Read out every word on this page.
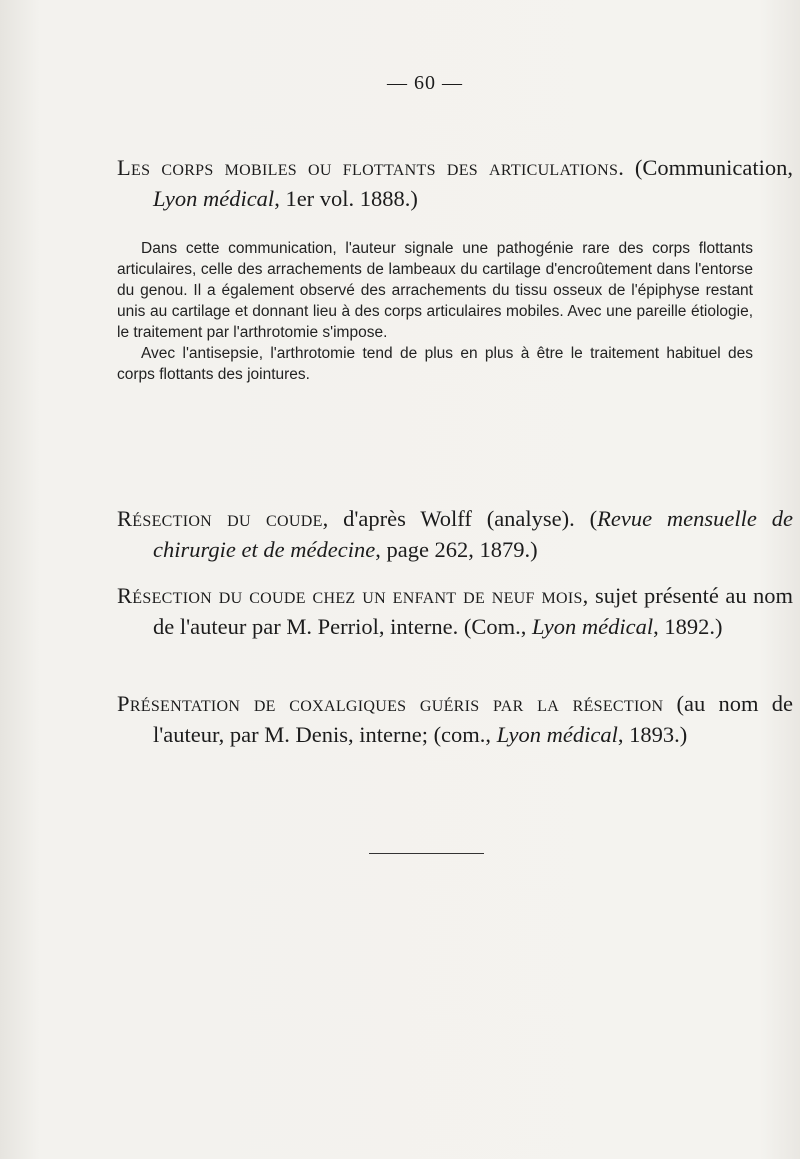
— 60 —
Les corps mobiles ou flottants des articulations. (Communication, Lyon médical, 1er vol. 1888.)

Dans cette communication, l'auteur signale une pathogénie rare des corps flottants articulaires, celle des arrachements de lambeaux du cartilage d'encroûtement dans l'entorse du genou. Il a également observé des arrachements du tissu osseux de l'épiphyse restant unis au cartilage et donnant lieu à des corps articulaires mobiles. Avec une pareille étiologie, le traitement par l'arthrotomie s'impose.

Avec l'antisepsie, l'arthrotomie tend de plus en plus à être le traitement habituel des corps flottants des jointures.

Résection du coude, d'après Wolff (analyse). (Revue mensuelle de chirurgie et de médecine, page 262, 1879.)
Résection du coude chez un enfant de neuf mois, sujet présenté au nom de l'auteur par M. Perriol, interne. (Com., Lyon médical, 1892.)
Présentation de coxalgiques guéris par la résection (au nom de l'auteur, par M. Denis, interne; (com., Lyon médical, 1893.)
